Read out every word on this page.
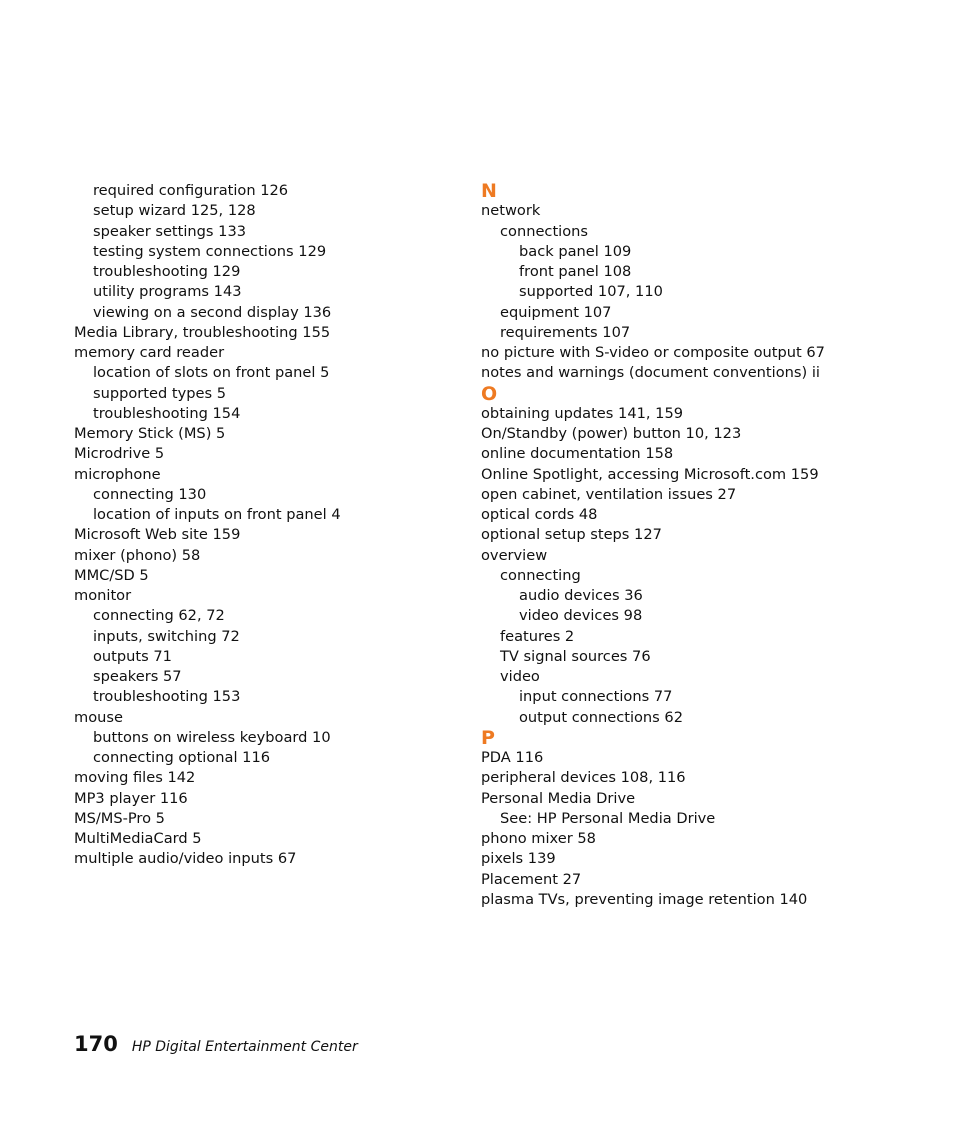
required configuration 126
setup wizard 125, 128
speaker settings 133
testing system connections 129
troubleshooting 129
utility programs 143
viewing on a second display 136
Media Library, troubleshooting 155
memory card reader
location of slots on front panel 5
supported types 5
troubleshooting 154
Memory Stick (MS) 5
Microdrive 5
microphone
connecting 130
location of inputs on front panel 4
Microsoft Web site 159
mixer (phono) 58
MMC/SD 5
monitor
connecting 62, 72
inputs, switching 72
outputs 71
speakers 57
troubleshooting 153
mouse
buttons on wireless keyboard 10
connecting optional 116
moving files 142
MP3 player 116
MS/MS-Pro 5
MultiMediaCard 5
multiple audio/video inputs 67
N
network
connections
back panel 109
front panel 108
supported 107, 110
equipment 107
requirements 107
no picture with S-video or composite output 67
notes and warnings (document conventions) ii
O
obtaining updates 141, 159
On/Standby (power) button 10, 123
online documentation 158
Online Spotlight, accessing Microsoft.com 159
open cabinet, ventilation issues 27
optical cords 48
optional setup steps 127
overview
connecting
audio devices 36
video devices 98
features 2
TV signal sources 76
video
input connections 77
output connections 62
P
PDA 116
peripheral devices 108, 116
Personal Media Drive
See: HP Personal Media Drive
phono mixer 58
pixels 139
Placement 27
plasma TVs, preventing image retention 140
170 HP Digital Entertainment Center
